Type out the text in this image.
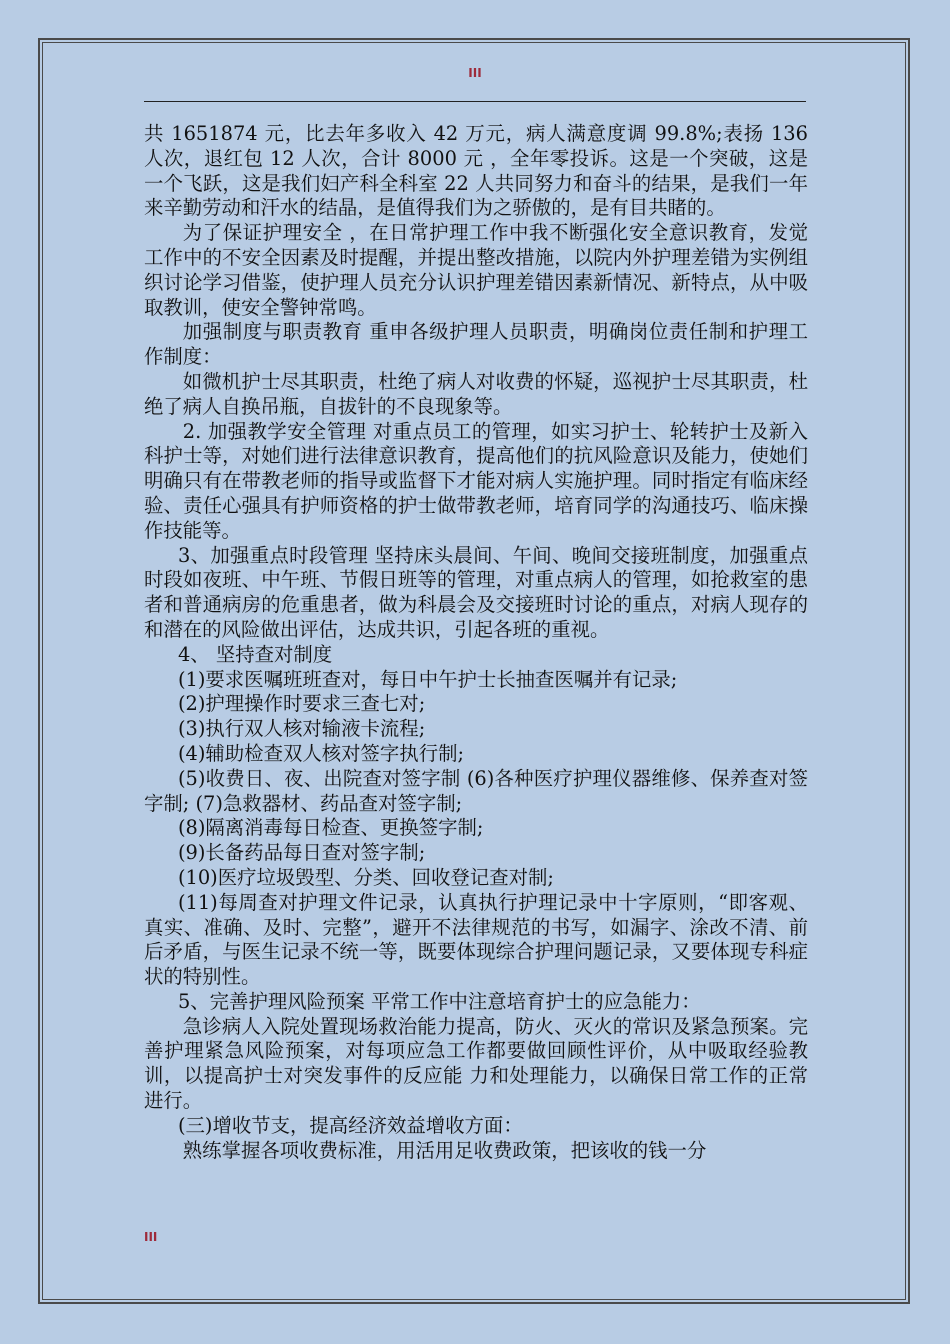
III

共 1651874 元，比去年多收入 42 万元，病人满意度调 99.8%;表扬 136 人次，退红包 12 人次，合计 8000 元 ，全年零投诉。这是一个突破，这是一个飞跃，这是我们妇产科全科室 22 人共同努力和奋斗的结果，是我们一年来辛勤劳动和汗水的结晶，是值得我们为之骄傲的，是有目共睹的。

为了保证护理安全 ，在日常护理工作中我不断强化安全意识教育，发觉工作中的不安全因素及时提醒，并提出整改措施，以院内外护理差错为实例组织讨论学习借鉴，使护理人员充分认识护理差错因素新情况、新特点，从中吸取教训，使安全警钟常鸣。

加强制度与职责教育 重申各级护理人员职责，明确岗位责任制和护理工作制度：

如微机护士尽其职责，杜绝了病人对收费的怀疑，巡视护士尽其职责，杜绝了病人自换吊瓶，自拔针的不良现象等。

2. 加强教学安全管理 对重点员工的管理，如实习护士、轮转护士及新入科护士等，对她们进行法律意识教育，提高他们的抗风险意识及能力，使她们明确只有在带教老师的指导或监督下才能对病人实施护理。同时指定有临床经验、责任心强具有护师资格的护士做带教老师，培育同学的沟通技巧、临床操作技能等。

3、加强重点时段管理 坚持床头晨间、午间、晚间交接班制度，加强重点时段如夜班、中午班、节假日班等的管理，对重点病人的管理，如抢救室的患者和普通病房的危重患者，做为科晨会及交接班时讨论的重点，对病人现存的和潜在的风险做出评估，达成共识，引起各班的重视。

4、 坚持查对制度

(1)要求医嘱班班查对，每日中午护士长抽查医嘱并有记录;

(2)护理操作时要求三查七对;

(3)执行双人核对输液卡流程;

(4)辅助检查双人核对签字执行制;

(5)收费日、夜、出院查对签字制 (6)各种医疗护理仪器维修、保养查对签字制; (7)急救器材、药品查对签字制;

(8)隔离消毒每日检查、更换签字制;

(9)长备药品每日查对签字制;

(10)医疗垃圾毁型、分类、回收登记查对制;

(11)每周查对护理文件记录，认真执行护理记录中十字原则，“即客观、真实、准确、及时、完整”，避开不法律规范的书写，如漏字、涂改不清、前后矛盾，与医生记录不统一等，既要体现综合护理问题记录，又要体现专科症状的特别性。

5、完善护理风险预案 平常工作中注意培育护士的应急能力：

急诊病人入院处置现场救治能力提高，防火、灭火的常识及紧急预案。完善护理紧急风险预案，对每项应急工作都要做回顾性评价，从中吸取经验教训，以提高护士对突发事件的反应能 力和处理能力，以确保日常工作的正常进行。

(三)增收节支，提高经济效益增收方面：

熟练掌握各项收费标准，用活用足收费政策，把该收的钱一分

III
